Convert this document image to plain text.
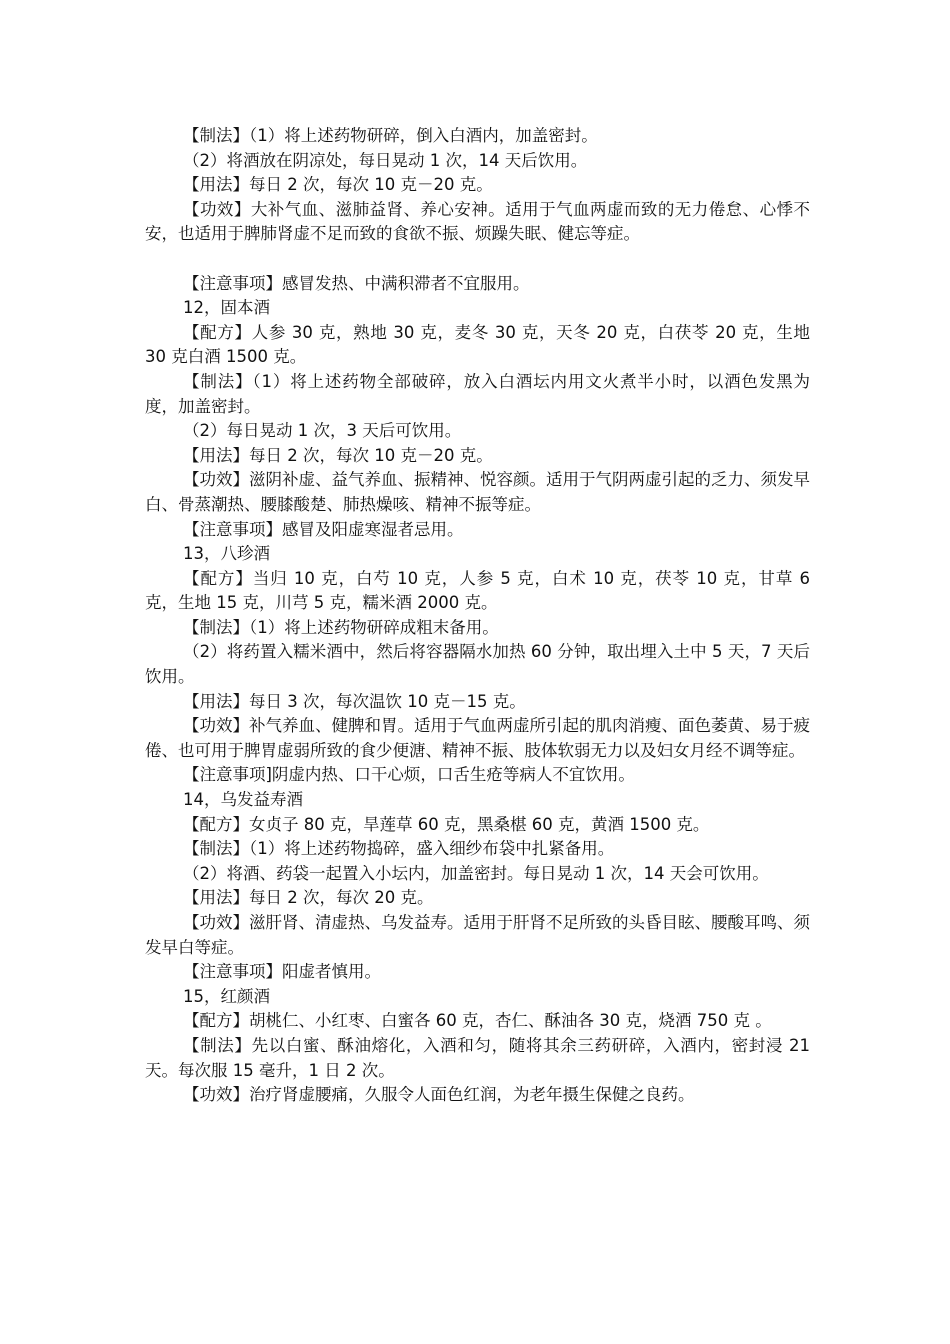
【制法】（1）将上述药物研碎，倒入白酒内，加盖密封。

（2）将酒放在阴凉处，每日晃动 1 次，14 天后饮用。

【用法】每日 2 次，每次 10 克－20 克。

【功效】大补气血、滋肺益肾、养心安神。适用于气血两虚而致的无力倦怠、心悸不安，也适用于脾肺肾虚不足而致的食欲不振、烦躁失眠、健忘等症。

【注意事项】感冒发热、中满积滞者不宜服用。

12，固本酒

【配方】人参 30 克，熟地 30 克，麦冬 30 克，天冬 20 克，白茯苓 20 克，生地 30 克白酒 1500 克。

【制法】（1）将上述药物全部破碎，放入白酒坛内用文火煮半小时，以酒色发黑为度，加盖密封。

（2）每日晃动 1 次，3 天后可饮用。

【用法】每日 2 次，每次 10 克－20 克。

【功效】滋阴补虚、益气养血、振精神、悦容颜。适用于气阴两虚引起的乏力、须发早白、骨蒸潮热、腰膝酸楚、肺热燥咳、精神不振等症。

【注意事项】感冒及阳虚寒湿者忌用。

13，八珍酒

【配方】当归 10 克，白芍 10 克，人参 5 克，白术 10 克，茯苓 10 克，甘草 6 克，生地 15 克，川芎 5 克，糯米酒 2000 克。

【制法】（1）将上述药物研碎成粗末备用。

（2）将药置入糯米酒中，然后将容器隔水加热 60 分钟，取出埋入土中 5 天，7 天后饮用。

【用法】每日 3 次，每次温饮 10 克－15 克。

【功效】补气养血、健脾和胃。适用于气血两虚所引起的肌肉消瘦、面色萎黄、易于疲倦、也可用于脾胃虚弱所致的食少便溏、精神不振、肢体软弱无力以及妇女月经不调等症。

【注意事项]阴虚内热、口干心烦，口舌生疮等病人不宜饮用。

14，乌发益寿酒

【配方】女贞子 80 克，旱莲草 60 克，黑桑椹 60 克，黄酒 1500 克。

【制法】（1）将上述药物捣碎，盛入细纱布袋中扎紧备用。

（2）将酒、药袋一起置入小坛内，加盖密封。每日晃动 1 次，14 天会可饮用。

【用法】每日 2 次，每次 20 克。

【功效】滋肝肾、清虚热、乌发益寿。适用于肝肾不足所致的头昏目眩、腰酸耳鸣、须发早白等症。

【注意事项】阳虚者慎用。

15，红颜酒

【配方】胡桃仁、小红枣、白蜜各 60 克，杏仁、酥油各 30 克，烧酒 750 克 。

【制法】先以白蜜、酥油熔化，入酒和匀，随将其余三药研碎，入酒内，密封浸 21 天。每次服 15 毫升，1 日 2 次。

【功效】治疗肾虚腰痛，久服令人面色红润，为老年摄生保健之良药。
